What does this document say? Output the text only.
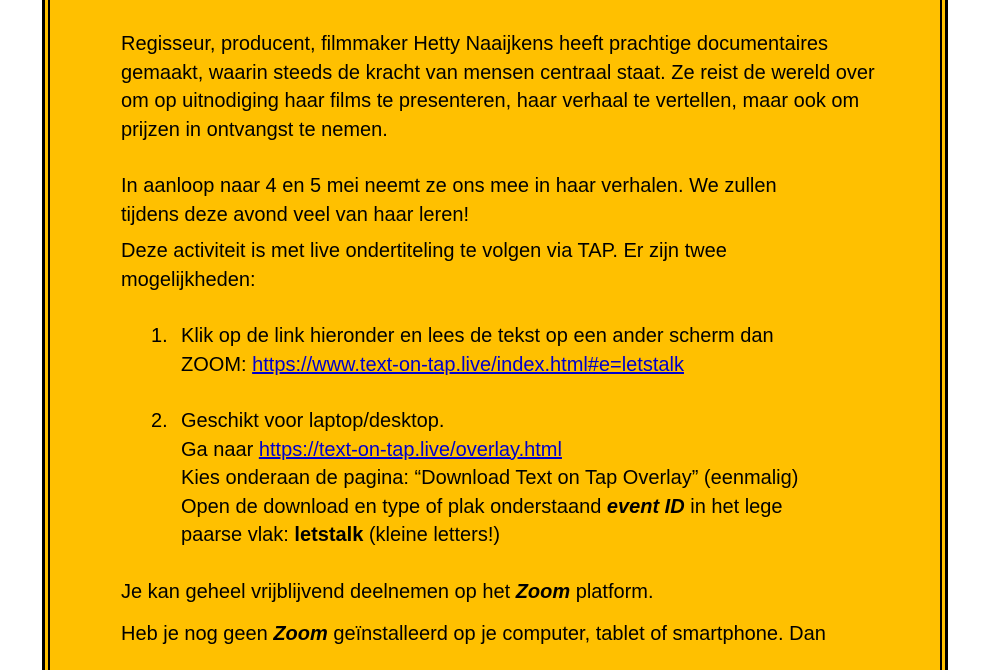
Regisseur, producent, filmmaker Hetty Naaijkens heeft prachtige documentaires gemaakt, waarin steeds de kracht van mensen centraal staat. Ze reist de wereld over om op uitnodiging haar films te presenteren, haar verhaal te vertellen, maar ook om prijzen in ontvangst te nemen.

In aanloop naar 4 en 5 mei neemt ze ons mee in haar verhalen. We zullen
tijdens deze avond veel van haar leren!
Deze activiteit is met live ondertiteling te volgen via TAP. Er zijn twee
mogelijkheden:
1. Klik op de link hieronder en lees de tekst op een ander scherm dan
ZOOM: https://www.text-on-tap.live/index.html#e=letstalk
2. Geschikt voor laptop/desktop.
Ga naar https://text-on-tap.live/overlay.html
Kies onderaan de pagina: “Download Text on Tap Overlay” (eenmalig)
Open de download en type of plak onderstaand event ID in het lege
paarse vlak: letstalk (kleine letters!)

Je kan geheel vrijblijvend deelnemen op het Zoom platform.

Heb je nog geen Zoom geïnstalleerd op je computer, tablet of smartphone. Dan
